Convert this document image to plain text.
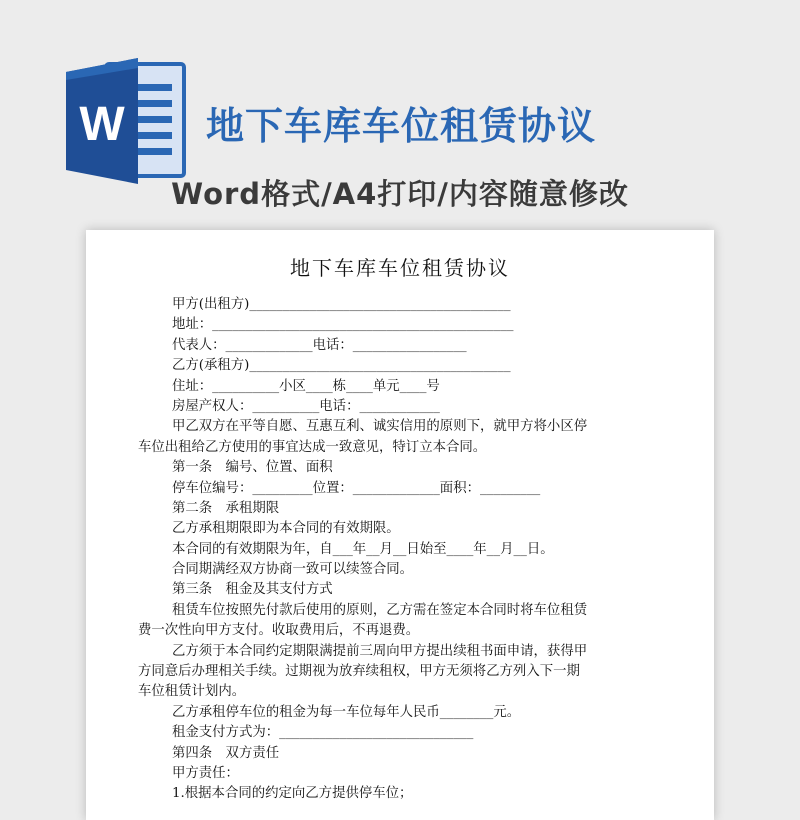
W 地下车库车位租赁协议
Word格式/A4打印/内容随意修改
地下车库车位租赁协议
甲方(出租方)_______________________________________
地址：_____________________________________________
代表人：_____________电话：_________________
乙方(承租方)_______________________________________
住址：__________小区____栋____单元____号
房屋产权人：__________电话：____________
甲乙双方在平等自愿、互惠互利、诚实信用的原则下，就甲方将小区停
车位出租给乙方使用的事宜达成一致意见，特订立本合同。
第一条　编号、位置、面积
停车位编号：_________位置：_____________面积：_________
第二条　承租期限
乙方承租期限即为本合同的有效期限。
本合同的有效期限为年，自___年__月__日始至____年__月__日。
合同期满经双方协商一致可以续签合同。
第三条　租金及其支付方式
租赁车位按照先付款后使用的原则，乙方需在签定本合同时将车位租赁
费一次性向甲方支付。收取费用后，不再退费。
乙方须于本合同约定期限满提前三周向甲方提出续租书面申请，获得甲
方同意后办理相关手续。过期视为放弃续租权，甲方无须将乙方列入下一期
车位租赁计划内。
乙方承租停车位的租金为每一车位每年人民币________元。
租金支付方式为：_____________________________
第四条　双方责任
甲方责任：
1.根据本合同的约定向乙方提供停车位；
